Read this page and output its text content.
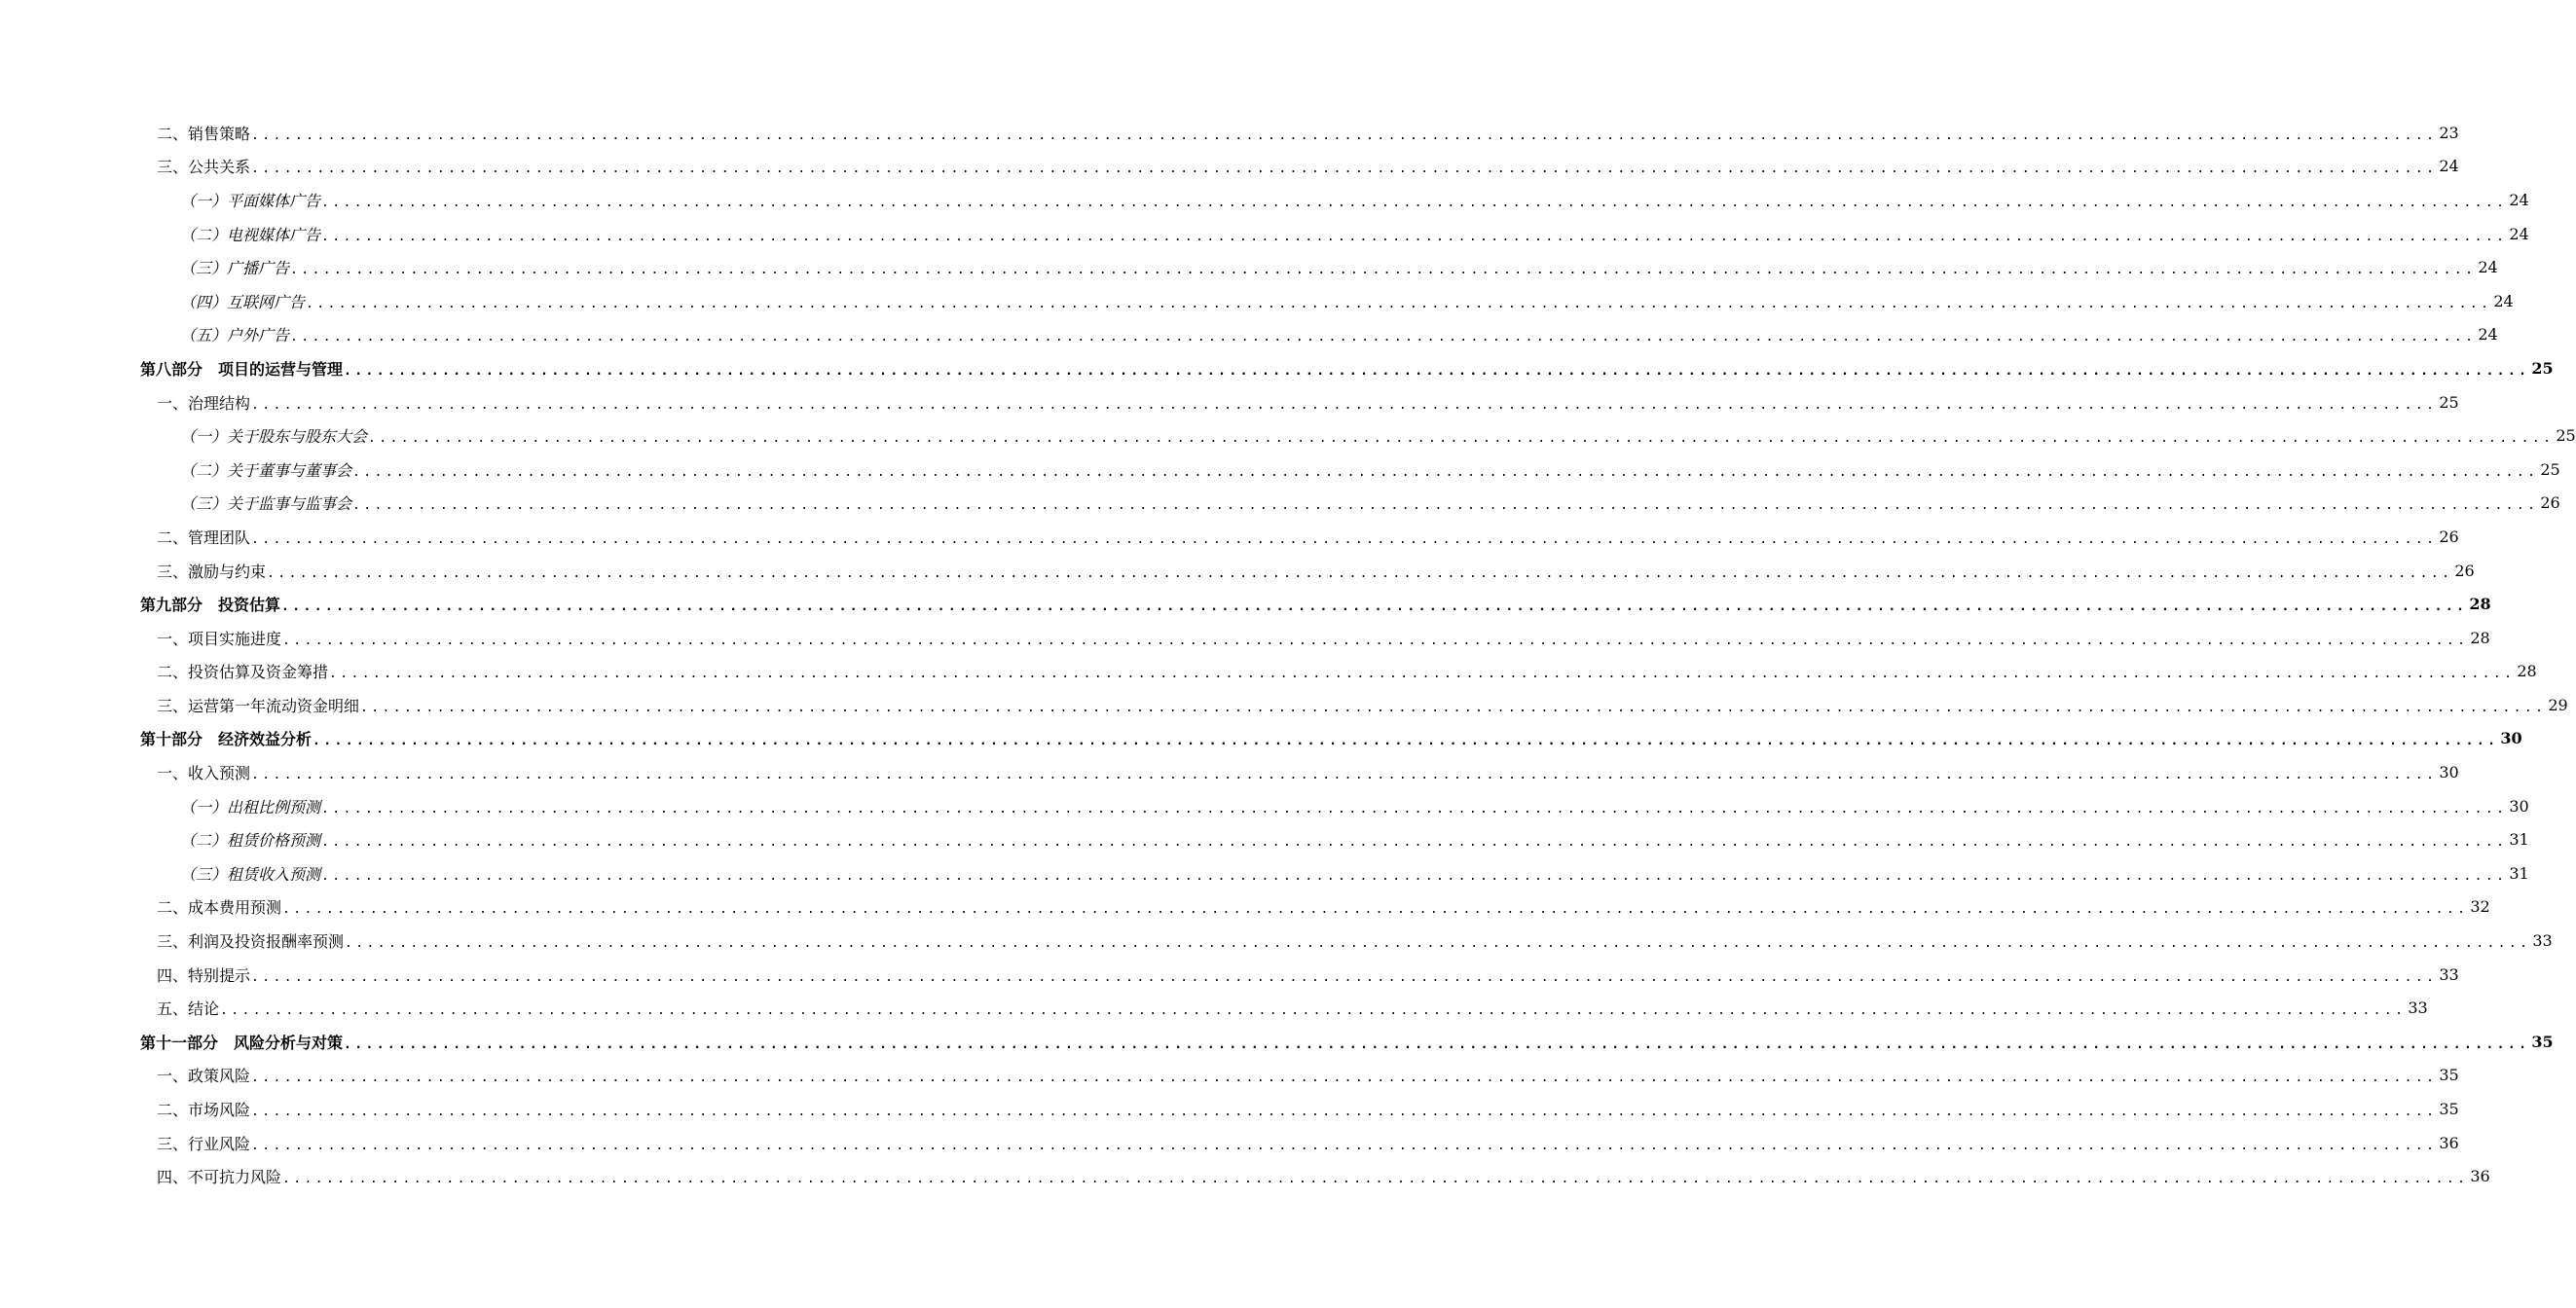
二、销售策略 ........................................................................................................................................................................................................ 23
三、公共关系 ........................................................................................................................................................................................................ 24
（一）平面媒体广告 ........................................................................................................................................................................................................ 24
（二）电视媒体广告 ........................................................................................................................................................................................................ 24
（三）广播广告 ........................................................................................................................................................................................................ 24
（四）互联网广告 ........................................................................................................................................................................................................ 24
（五）户外广告 ........................................................................................................................................................................................................ 24
第八部分　项目的运营与管理 ........................................................................................................................................................................................................ 25
一、治理结构 ........................................................................................................................................................................................................ 25
（一）关于股东与股东大会 ........................................................................................................................................................................................................ 25
（二）关于董事与董事会 ........................................................................................................................................................................................................ 25
（三）关于监事与监事会 ........................................................................................................................................................................................................ 26
二、管理团队 ........................................................................................................................................................................................................ 26
三、激励与约束 ........................................................................................................................................................................................................ 26
第九部分　投资估算 ........................................................................................................................................................................................................ 28
一、项目实施进度 ........................................................................................................................................................................................................ 28
二、投资估算及资金筹措 ........................................................................................................................................................................................................ 28
三、运营第一年流动资金明细 ........................................................................................................................................................................................................ 29
第十部分　经济效益分析 ........................................................................................................................................................................................................ 30
一、收入预测 ........................................................................................................................................................................................................ 30
（一）出租比例预测 ........................................................................................................................................................................................................ 30
（二）租赁价格预测 ........................................................................................................................................................................................................ 31
（三）租赁收入预测 ........................................................................................................................................................................................................ 31
二、成本费用预测 ........................................................................................................................................................................................................ 32
三、利润及投资报酬率预测 ........................................................................................................................................................................................................ 33
四、特别提示 ........................................................................................................................................................................................................ 33
五、结论 ........................................................................................................................................................................................................ 33
第十一部分　风险分析与对策 ........................................................................................................................................................................................................ 35
一、政策风险 ........................................................................................................................................................................................................ 35
二、市场风险 ........................................................................................................................................................................................................ 35
三、行业风险 ........................................................................................................................................................................................................ 36
四、不可抗力风险 ........................................................................................................................................................................................................ 36
